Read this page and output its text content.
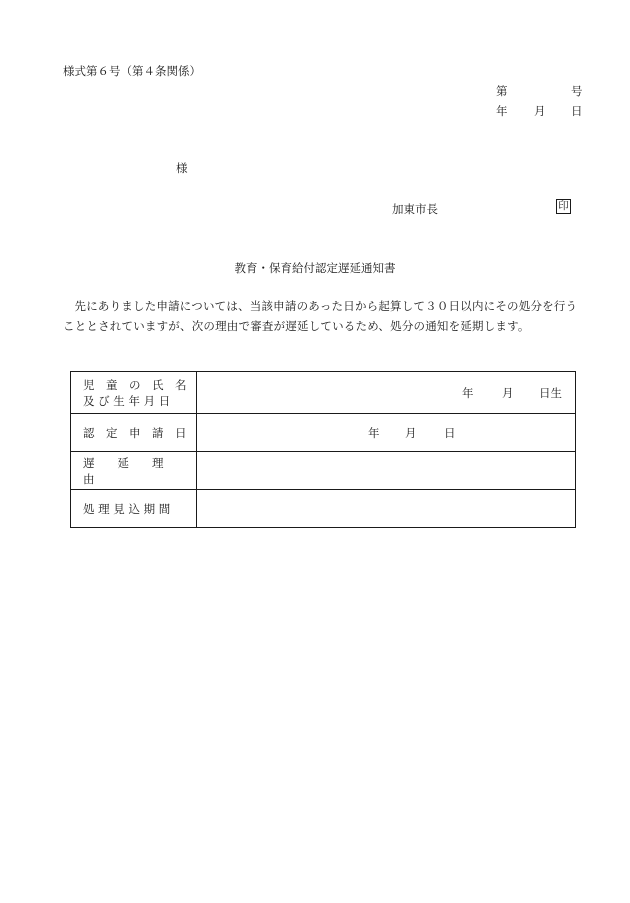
様式第６号（第４条関係）
第	号
年 月 日
様
加東市長	印
教育・保育給付認定遅延通知書
先にありました申請については、当該申請のあった日から起算して３０日以内にその処分を行うこととされていますが、次の理由で審査が遅延しているため、処分の通知を延期します。
児　童　の　氏　名
及 び 生 年 月 日	年 月 日生

認　定　申　請　日	年 月 日

遅　　延　　理　　由	

処 理 見 込 期 間	
